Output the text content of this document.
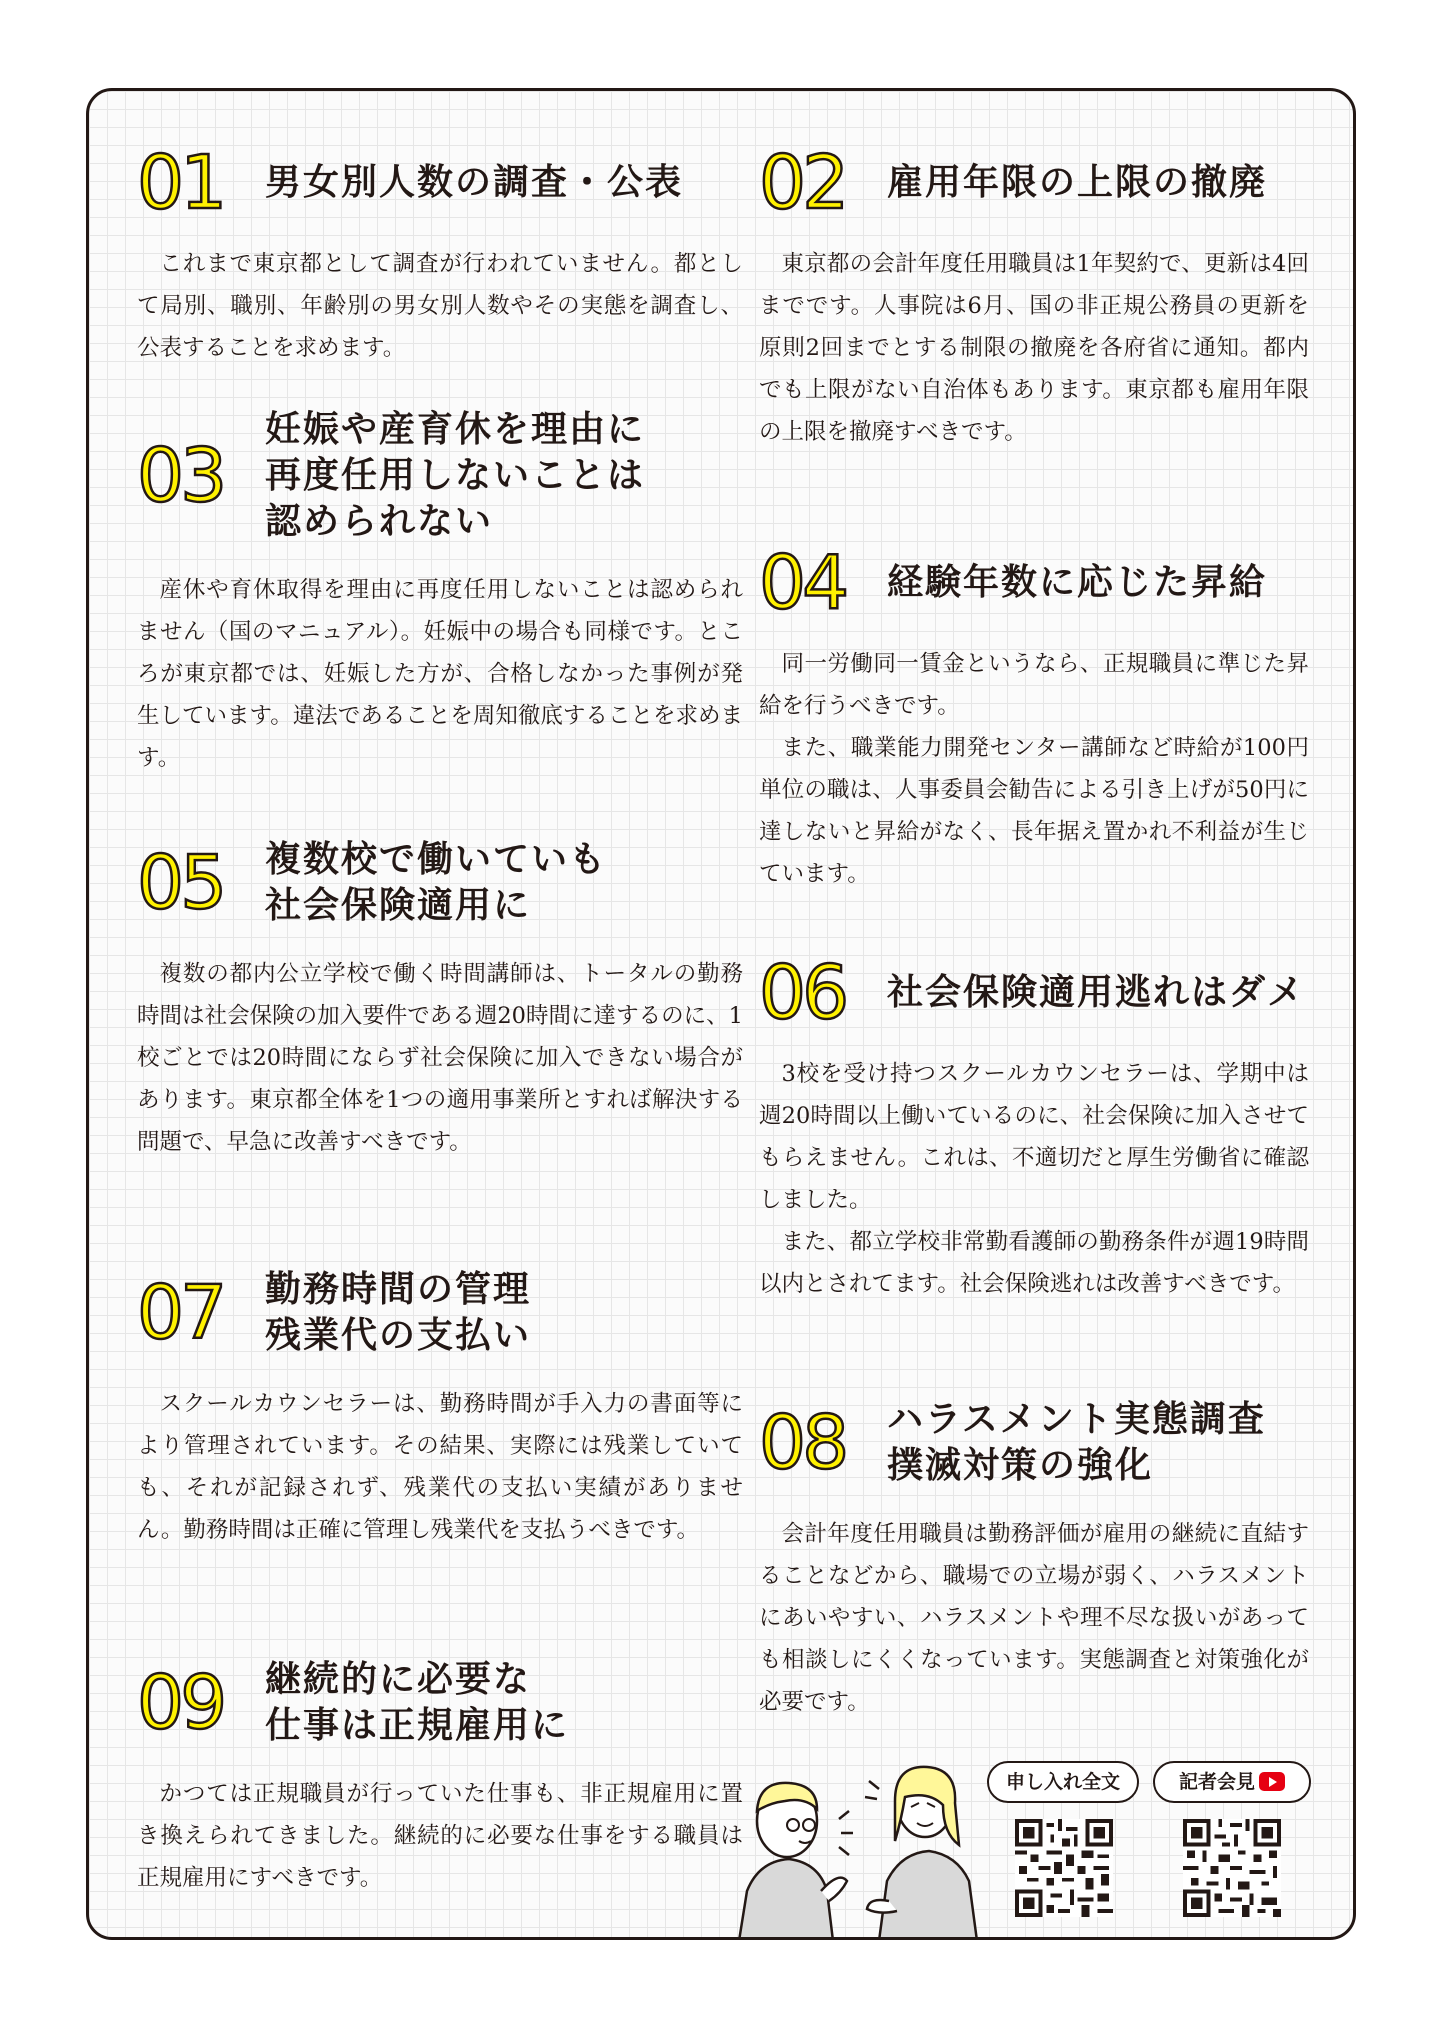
01	男女別人数の調査・公表

これまで東京都として調査が行われていません。都として局別、職別、年齢別の男女別人数やその実態を調査し、公表することを求めます。

03
妊娠や産育休を理由に
再度任用しないことは
認められない

産休や育休取得を理由に再度任用しないことは認められません（国のマニュアル）。妊娠中の場合も同様です。ところが東京都では、妊娠した方が、合格しなかった事例が発生しています。違法であることを周知徹底することを求めます。

05	複数校で働いていも
社会保険適用に

複数の都内公立学校で働く時間講師は、トータルの勤務時間は社会保険の加入要件である週20時間に達するのに、1校ごとでは20時間にならず社会保険に加入できない場合があります。東京都全体を1つの適用事業所とすれば解決する問題で、早急に改善すべきです。

07	勤務時間の管理
残業代の支払い

スクールカウンセラーは、勤務時間が手入力の書面等により管理されています。その結果、実際には残業していても、それが記録されず、残業代の支払い実績がありません。勤務時間は正確に管理し残業代を支払うべきです。

09	継続的に必要な
仕事は正規雇用に

かつては正規職員が行っていた仕事も、非正規雇用に置き換えられてきました。継続的に必要な仕事をする職員は正規雇用にすべきです。

02	雇用年限の上限の撤廃

東京都の会計年度任用職員は1年契約で、更新は4回までです。人事院は6月、国の非正規公務員の更新を原則2回までとする制限の撤廃を各府省に通知。都内でも上限がない自治体もあります。東京都も雇用年限の上限を撤廃すべきです。

04	経験年数に応じた昇給

同一労働同一賃金というなら、正規職員に準じた昇給を行うべきです。

また、職業能力開発センター講師など時給が100円単位の職は、人事委員会勧告による引き上げが50円に達しないと昇給がなく、長年据え置かれ不利益が生じています。

06	社会保険適用逃れはダメ

3校を受け持つスクールカウンセラーは、学期中は週20時間以上働いているのに、社会保険に加入させてもらえません。これは、不適切だと厚生労働省に確認しました。

また、都立学校非常勤看護師の勤務条件が週19時間以内とされてます。社会保険逃れは改善すべきです。

08	ハラスメント実態調査
撲滅対策の強化

会計年度任用職員は勤務評価が雇用の継続に直結することなどから、職場での立場が弱く、ハラスメントにあいやすい、ハラスメントや理不尽な扱いがあっても相談しにくくなっています。実態調査と対策強化が必要です。

申し入れ全文	記者会見
